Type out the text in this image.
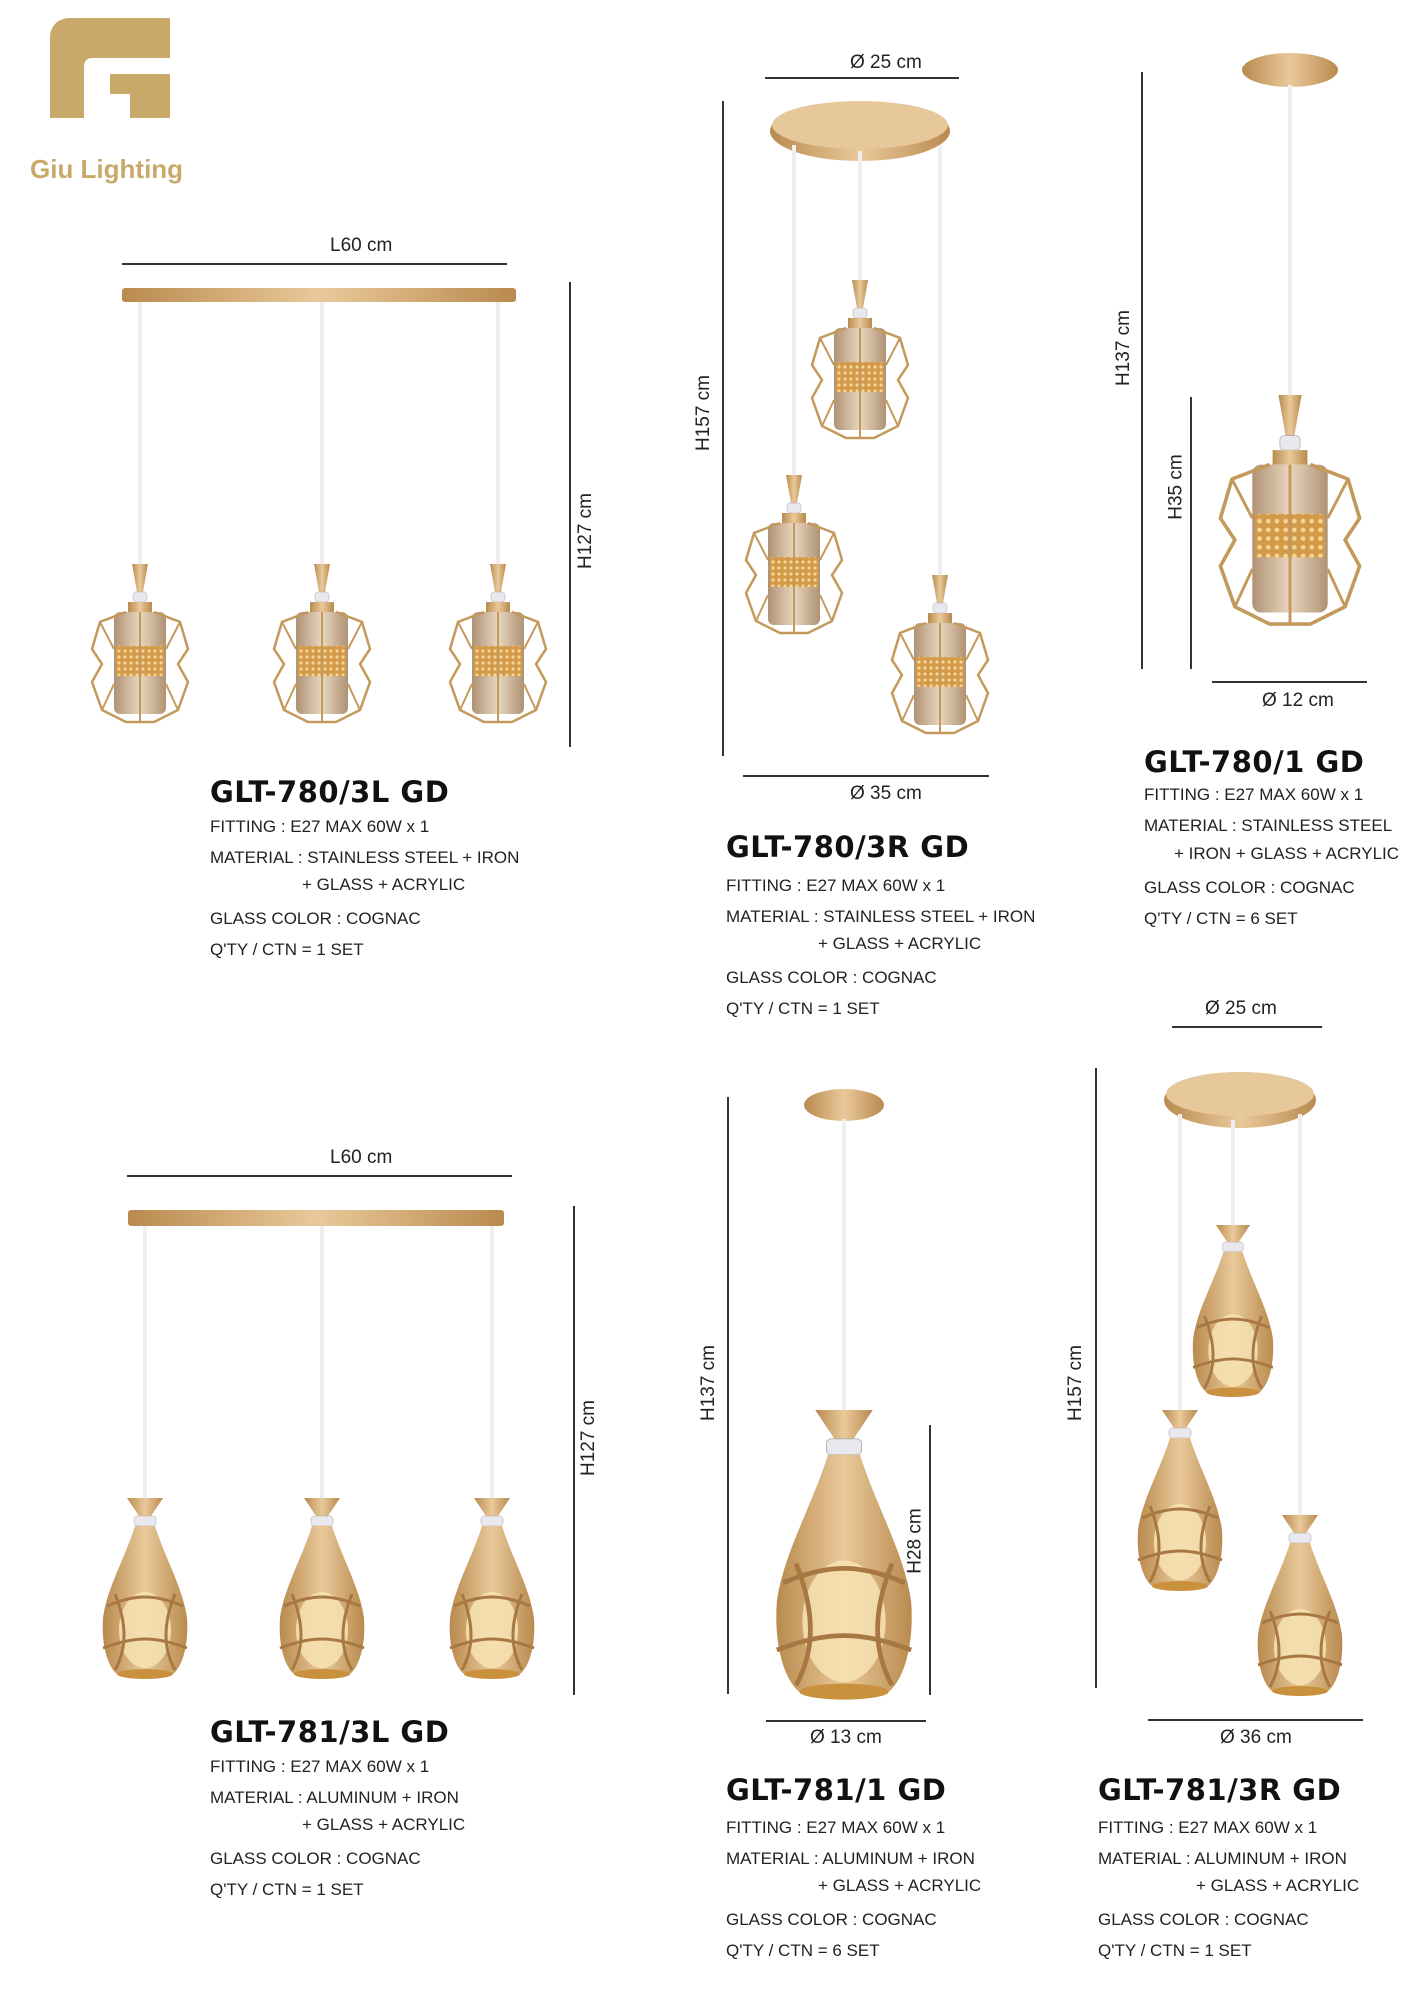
Giu Lighting
L60 cm
H127 cm
GLT-780/3L GD
FITTING : E27 MAX 60W x 1
MATERIAL : STAINLESS STEEL + IRON
+ GLASS + ACRYLIC
GLASS COLOR : COGNAC
Q'TY / CTN = 1 SET
Ø 25 cm
H157 cm
Ø 35 cm
GLT-780/3R GD
FITTING : E27 MAX 60W x 1
MATERIAL : STAINLESS STEEL + IRON
+ GLASS + ACRYLIC
GLASS COLOR : COGNAC
Q'TY / CTN = 1 SET
H137 cm
H35 cm
Ø 12 cm
GLT-780/1 GD
FITTING : E27 MAX 60W x 1
MATERIAL : STAINLESS STEEL
+ IRON + GLASS + ACRYLIC
GLASS COLOR : COGNAC
Q'TY / CTN = 6 SET
L60 cm
H127 cm
GLT-781/3L GD
FITTING : E27 MAX 60W x 1
MATERIAL : ALUMINUM + IRON
+ GLASS + ACRYLIC
GLASS COLOR : COGNAC
Q'TY / CTN = 1 SET
H137 cm
H28 cm
Ø 13 cm
GLT-781/1 GD
FITTING : E27 MAX 60W x 1
MATERIAL : ALUMINUM + IRON
+ GLASS + ACRYLIC
GLASS COLOR : COGNAC
Q'TY / CTN = 6 SET
Ø 25 cm
H157 cm
Ø 36 cm
GLT-781/3R GD
FITTING : E27 MAX 60W x 1
MATERIAL : ALUMINUM + IRON
+ GLASS + ACRYLIC
GLASS COLOR : COGNAC
Q'TY / CTN = 1 SET
